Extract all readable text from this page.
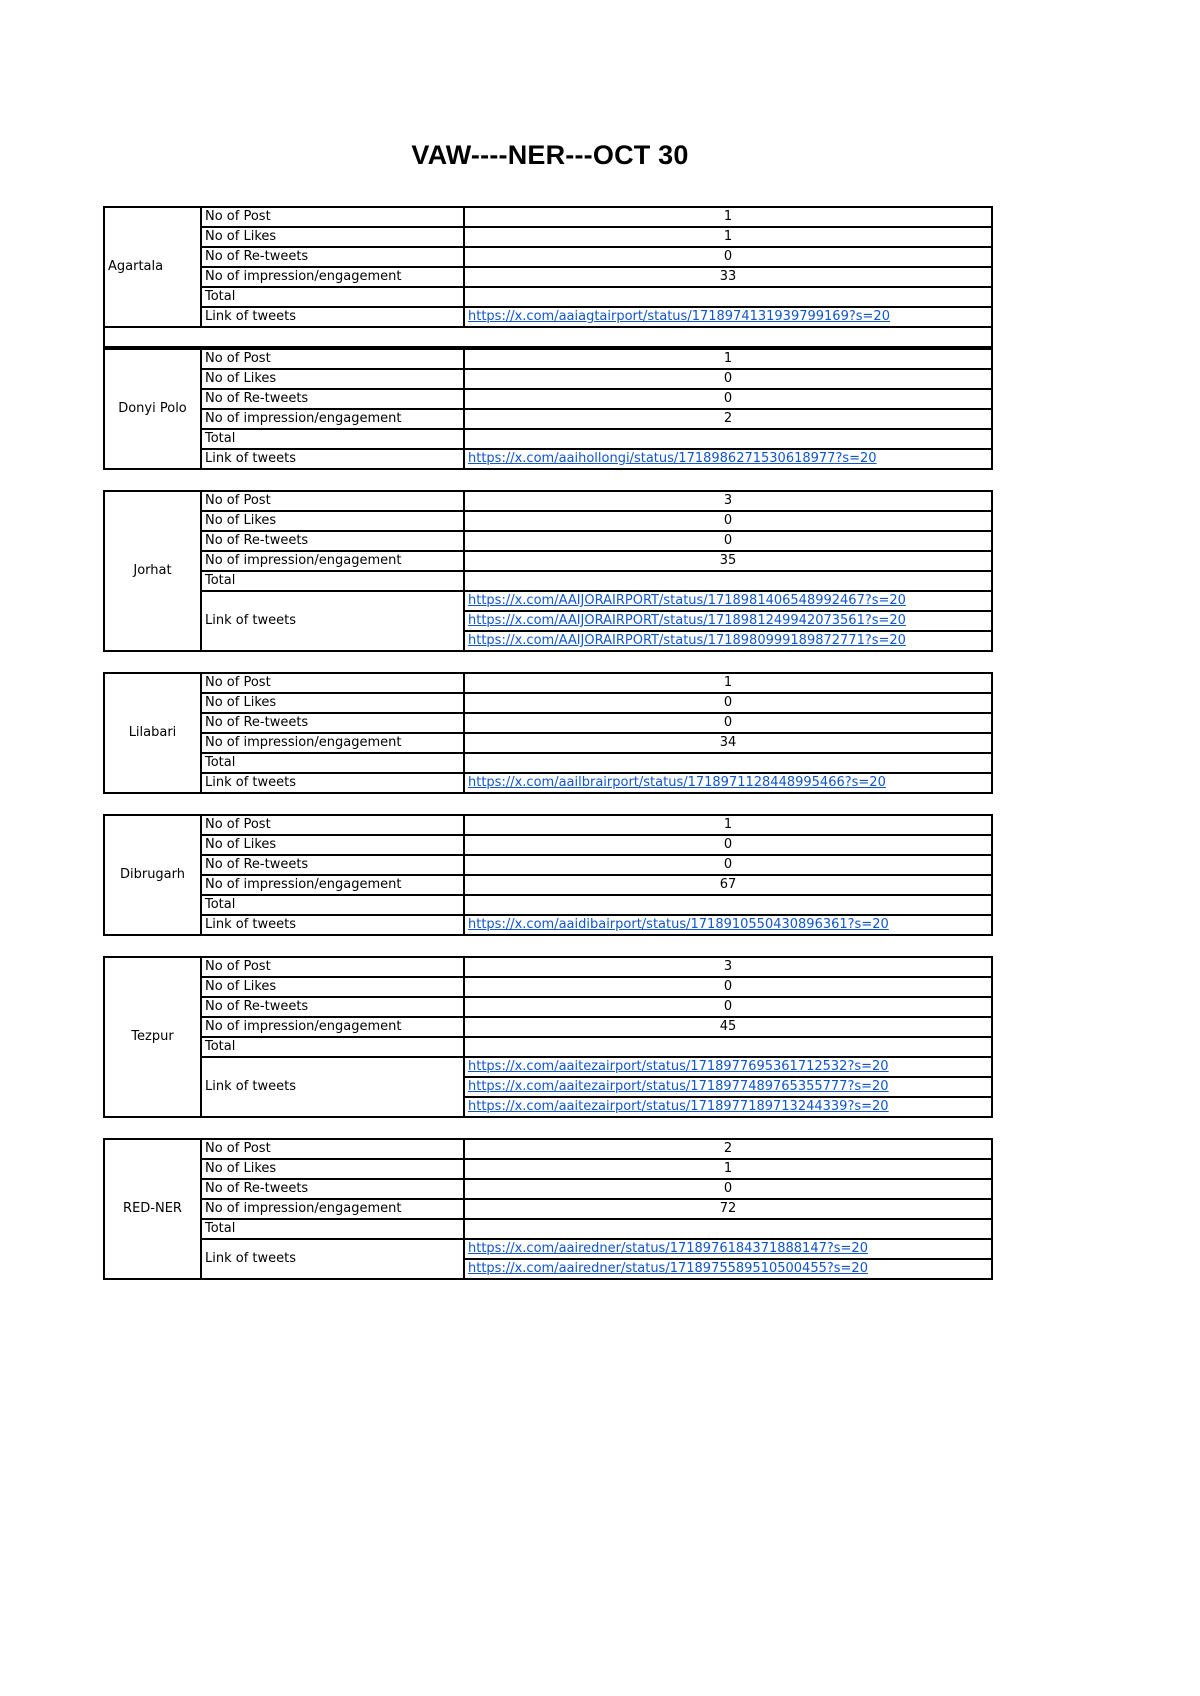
VAW----NER---OCT 30
Agartala	No of Post	1
	No of Likes	1
	No of Re-tweets	0
	No of impression/engagement	33
	Total	
	Link of tweets	https://x.com/aaiagtairport/status/1718974131939799169?s=20

Donyi Polo	No of Post	1
	No of Likes	0
	No of Re-tweets	0
	No of impression/engagement	2
	Total	
	Link of tweets	https://x.com/aaihollongi/status/1718986271530618977?s=20
Jorhat	No of Post	3
	No of Likes	0
	No of Re-tweets	0
	No of impression/engagement	35
	Total	
	Link of tweets	https://x.com/AAIJORAIRPORT/status/1718981406548992467?s=20
		https://x.com/AAIJORAIRPORT/status/1718981249942073561?s=20
		https://x.com/AAIJORAIRPORT/status/1718980999189872771?s=20
Lilabari	No of Post	1
	No of Likes	0
	No of Re-tweets	0
	No of impression/engagement	34
	Total	
	Link of tweets	https://x.com/aailbrairport/status/1718971128448995466?s=20
Dibrugarh	No of Post	1
	No of Likes	0
	No of Re-tweets	0
	No of impression/engagement	67
	Total	
	Link of tweets	https://x.com/aaidibairport/status/1718910550430896361?s=20
Tezpur	No of Post	3
	No of Likes	0
	No of Re-tweets	0
	No of impression/engagement	45
	Total	
	Link of tweets	https://x.com/aaitezairport/status/1718977695361712532?s=20
		https://x.com/aaitezairport/status/1718977489765355777?s=20
		https://x.com/aaitezairport/status/1718977189713244339?s=20
RED-NER	No of Post	2
	No of Likes	1
	No of Re-tweets	0
	No of impression/engagement	72
	Total	
	Link of tweets	https://x.com/aairedner/status/1718976184371888147?s=20
		https://x.com/aairedner/status/1718975589510500455?s=20
